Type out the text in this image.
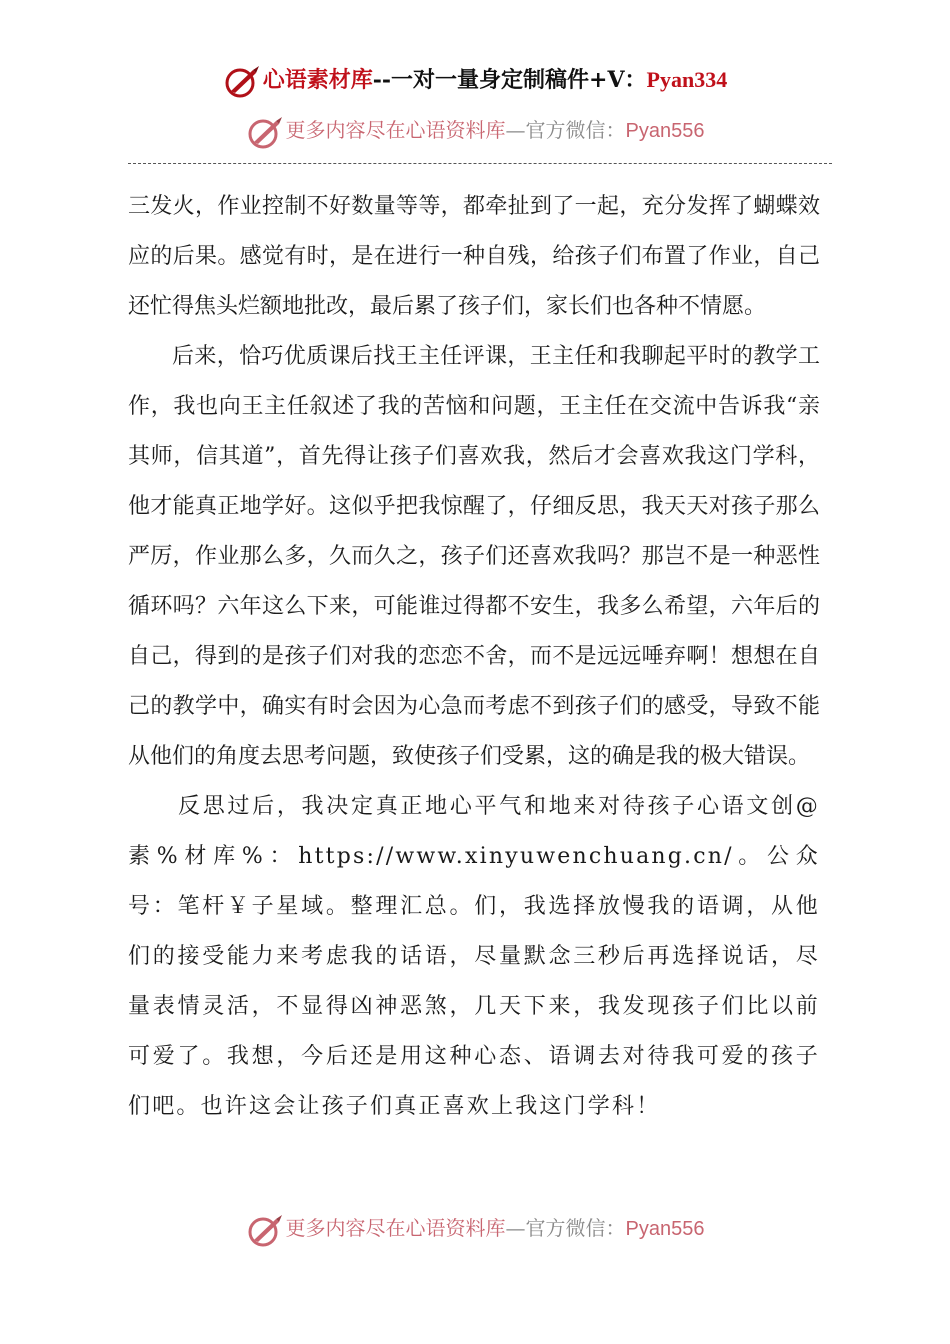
心语素材库--一对一量身定制稿件+V：Pyan334
更多内容尽在心语资料库—官方微信：Pyan556

三发火，作业控制不好数量等等，都牵扯到了一起，充分发挥了蝴蝶效应的后果。感觉有时，是在进行一种自残，给孩子们布置了作业，自己还忙得焦头烂额地批改，最后累了孩子们，家长们也各种不情愿。

后来，恰巧优质课后找王主任评课，王主任和我聊起平时的教学工作，我也向王主任叙述了我的苦恼和问题，王主任在交流中告诉我“亲其师，信其道”，首先得让孩子们喜欢我，然后才会喜欢我这门学科，他才能真正地学好。这似乎把我惊醒了，仔细反思，我天天对孩子那么严厉，作业那么多，久而久之，孩子们还喜欢我吗？那岂不是一种恶性循环吗？六年这么下来，可能谁过得都不安生，我多么希望，六年后的自己，得到的是孩子们对我的恋恋不舍，而不是远远唾弃啊！想想在自己的教学中，确实有时会因为心急而考虑不到孩子们的感受，导致不能从他们的角度去思考问题，致使孩子们受累，这的确是我的极大错误。

反思过后，我决定真正地心平气和地来对待孩子心语文创@素%材库%：https://www.xinyuwenchuang.cn/。公众号：笔杆￥子星域。整理汇总。们，我选择放慢我的语调，从他们的接受能力来考虑我的话语，尽量默念三秒后再选择说话，尽量表情灵活，不显得凶神恶煞，几天下来，我发现孩子们比以前可爱了。我想，今后还是用这种心态、语调去对待我可爱的孩子们吧。也许这会让孩子们真正喜欢上我这门学科！

更多内容尽在心语资料库—官方微信：Pyan556
